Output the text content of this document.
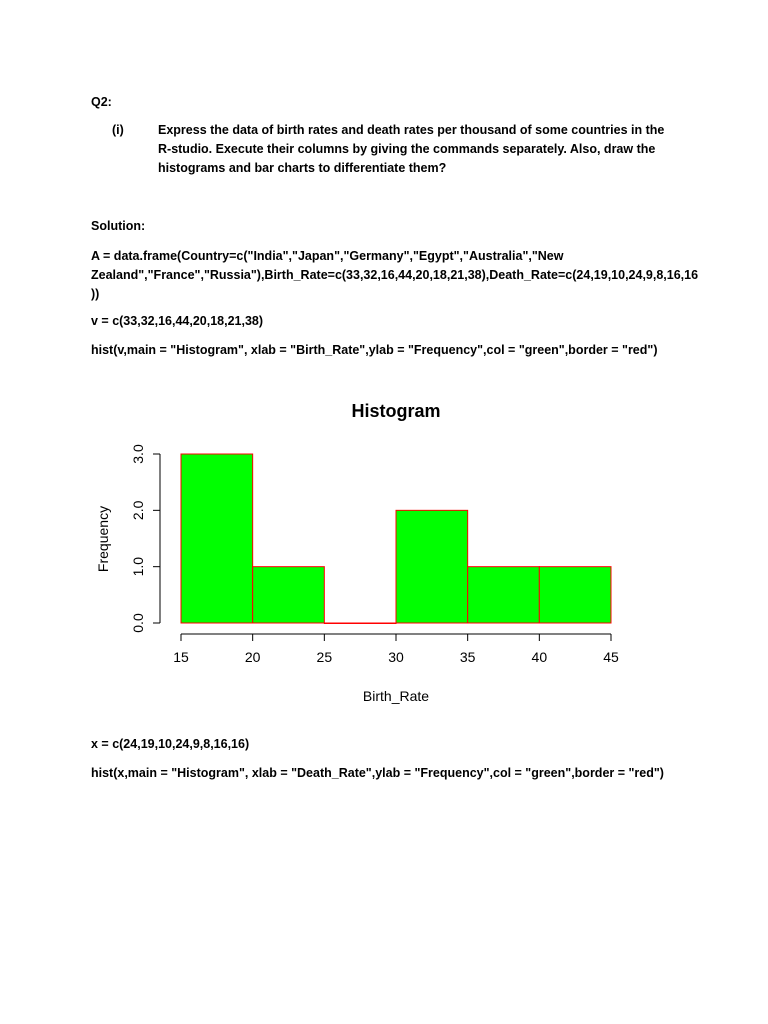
Q2:
(i)	Express the data of birth rates and death rates per thousand of some countries in the R-studio. Execute their columns by giving the commands separately. Also, draw the histograms and bar charts to differentiate them?
Solution:
A = data.frame(Country=c("India","Japan","Germany","Egypt","Australia","New Zealand","France","Russia"),Birth_Rate=c(33,32,16,44,20,18,21,38),Death_Rate=c(24,19,10,24,9,8,16,16 ))
v = c(33,32,16,44,20,18,21,38)
hist(v,main = "Histogram", xlab = "Birth_Rate",ylab = "Frequency",col = "green",border = "red")
Histogram
15	20	25	30	35	40	45
0.0
1.0
2.0
3.0
Birth_Rate
Frequency
x = c(24,19,10,24,9,8,16,16)
hist(x,main = "Histogram", xlab = "Death_Rate",ylab = "Frequency",col = "green",border = "red")
